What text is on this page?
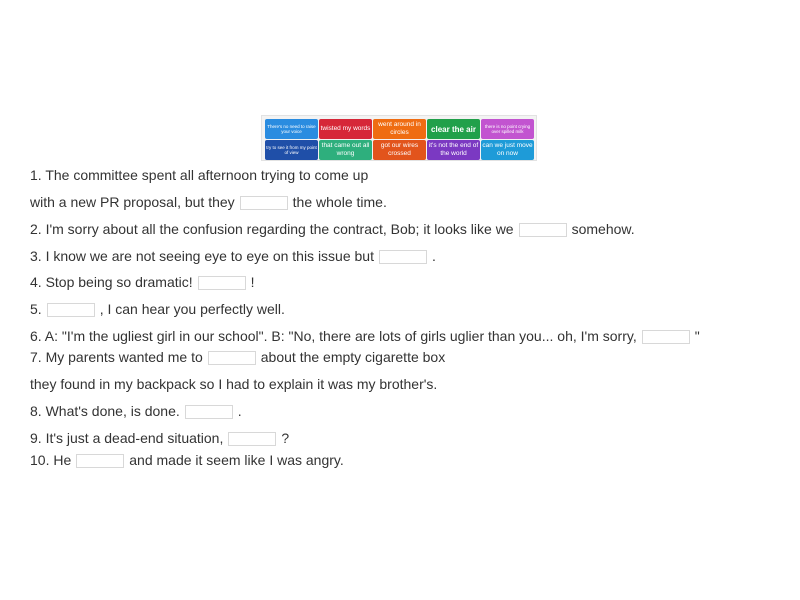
There's no need to raise your voice	twisted my words
went around in circles	clear the air	there is no point crying over spilled milk
try to see it from my point of view
that came out all wrong
got our wires crossed
it's not the end of the world
can we just move on now
1. The committee spent all afternoon trying to come up
with a new PR proposal, but they	the whole time.
2. I'm sorry about all the confusion regarding the contract, Bob; it looks like we	somehow.
3. I know we are not seeing eye to eye on this issue but	.
4. Stop being so dramatic!	!
5.	, I can hear you perfectly well.
6. A: "I'm the ugliest girl in our school". B: "No, there are lots of girls uglier than you... oh, I'm sorry,	"
7. My parents wanted me to	about the empty cigarette box
they found in my backpack so I had to explain it was my brother's.
8. What's done, is done.	.
9. It's just a dead-end situation,	?
10. He	and made it seem like I was angry.
